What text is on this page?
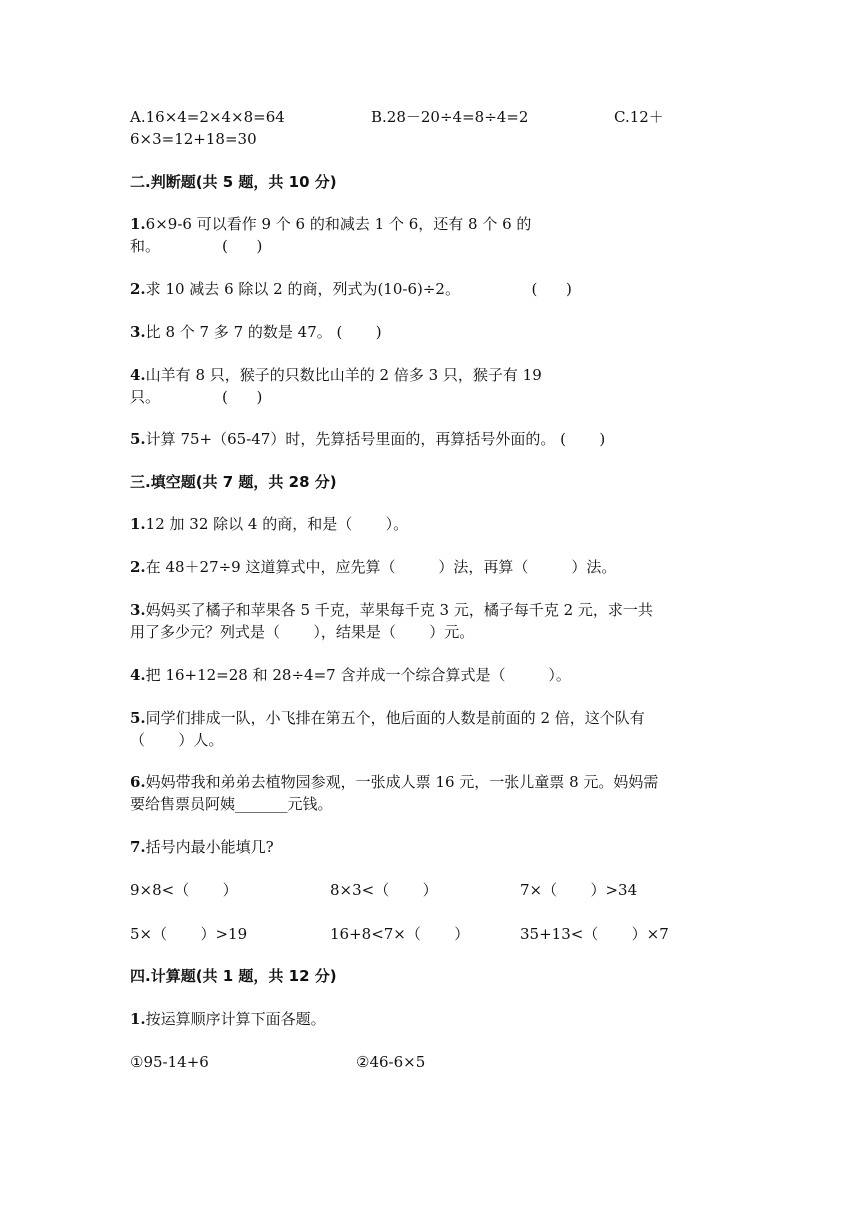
A.16×4=2×4×8=64	B.28－20÷4=8÷4=2	C.12＋
6×3=12+18=30
二.判断题(共 5 题，共 10 分)
1.6×9-6 可以看作 9 个 6 的和减去 1 个 6，还有 8 个 6 的
和。             (      )
2.求 10 减去 6 除以 2 的商，列式为(10-6)÷2。               (      )
3.比 8 个 7 多 7 的数是 47。 (       )
4.山羊有 8 只，猴子的只数比山羊的 2 倍多 3 只，猴子有 19
只。             (      )
5.计算 75+（65-47）时，先算括号里面的，再算括号外面的。 (       )
三.填空题(共 7 题，共 28 分)
1.12 加 32 除以 4 的商，和是（       ）。
2.在 48＋27÷9 这道算式中，应先算（         ）法，再算（         ）法。
3.妈妈买了橘子和苹果各 5 千克，苹果每千克 3 元，橘子每千克 2 元，求一共
用了多少元？列式是（       ），结果是（       ）元。
4.把 16+12=28 和 28÷4=7 含并成一个综合算式是（         ）。
5.同学们排成一队，小飞排在第五个，他后面的人数是前面的 2 倍，这个队有
（       ）人。
6.妈妈带我和弟弟去植物园参观，一张成人票 16 元，一张儿童票 8 元。妈妈需
要给售票员阿姨_______元钱。
7.括号内最小能填几?
9×8<（       ）	8×3<（       ）	7×（       ）>34
5×（       ）>19	16+8<7×（       ）	35+13<（       ）×7
四.计算题(共 1 题，共 12 分)
1.按运算顺序计算下面各题。
①95-14+6	②46-6×5
